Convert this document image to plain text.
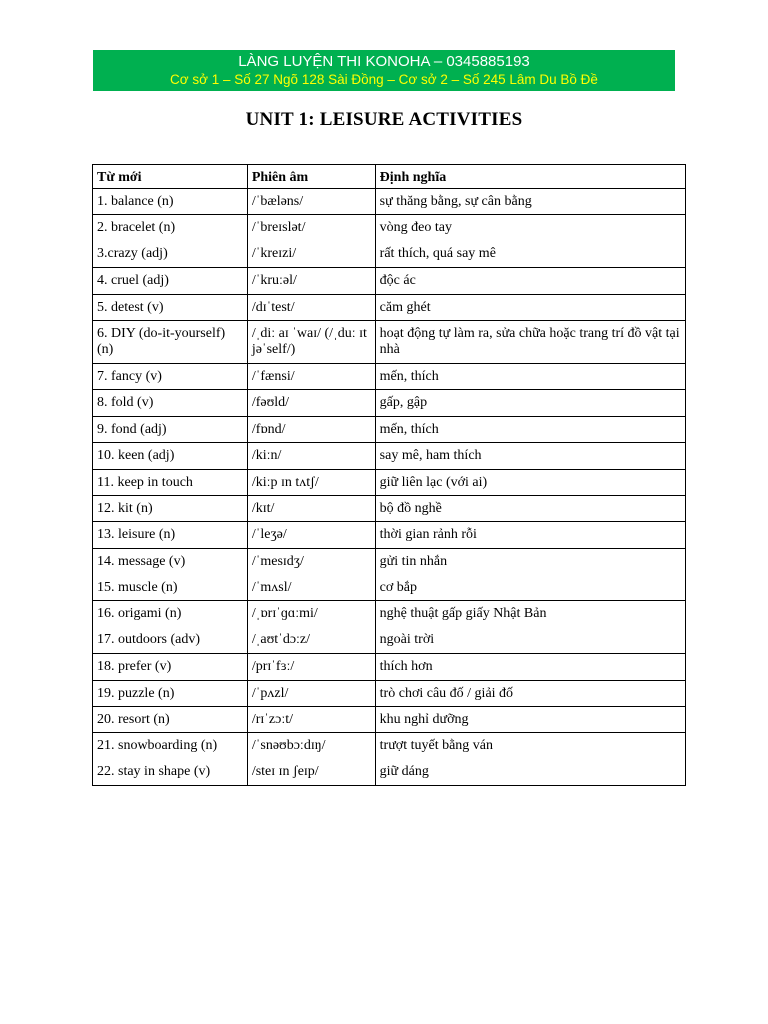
LÀNG LUYỆN THI KONOHA – 0345885193
Cơ sở 1 – Số 27 Ngõ 128 Sài Đồng – Cơ sở 2 – Số 245 Lâm Du Bồ Đề
UNIT 1: LEISURE ACTIVITIES
Từ mới	Phiên âm	Định nghĩa
1. balance (n)	/ˈbæləns/	sự thăng bằng, sự cân bằng
2. bracelet (n)	/ˈbreɪslət/	vòng đeo tay
3.crazy (adj)	/ˈkreɪzi/	rất thích, quá say mê
4. cruel (adj)	/ˈkruːəl/	độc ác
5. detest (v)	/dɪˈtest/	căm ghét
6. DIY (do-it-yourself) (n)	/ˌdiː aɪ ˈwaɪ/ (/ˌduː ɪt jəˈself/)	hoạt động tự làm ra, sửa chữa hoặc trang trí đồ vật tại nhà
7. fancy (v)	/ˈfænsi/	mến, thích
8. fold (v)	/fəʊld/	gấp, gập
9. fond (adj)	/fɒnd/	mến, thích
10. keen (adj)	/kiːn/	say mê, ham thích
11. keep in touch	/kiːp ɪn tʌtʃ/	giữ liên lạc (với ai)
12. kit (n)	/kɪt/	bộ đồ nghề
13. leisure (n)	/ˈleʒə/	thời gian rảnh rỗi
14. message (v)	/ˈmesɪdʒ/	gửi tin nhắn
15. muscle (n)	/ˈmʌsl/	cơ bắp
16. origami (n)	/ˌɒrɪˈɡɑːmi/	nghệ thuật gấp giấy Nhật Bản
17. outdoors (adv)	/ˌaʊtˈdɔːz/	ngoài trời
18. prefer (v)	/prɪˈfɜː/	thích hơn
19. puzzle (n)	/ˈpʌzl/	trò chơi câu đố / giải đố
20. resort (n)	/rɪˈzɔːt/	khu nghỉ dưỡng
21. snowboarding (n)	/ˈsnəʊbɔːdɪŋ/	trượt tuyết bằng ván
22. stay in shape (v)	/steɪ ɪn ʃeɪp/	giữ dáng
